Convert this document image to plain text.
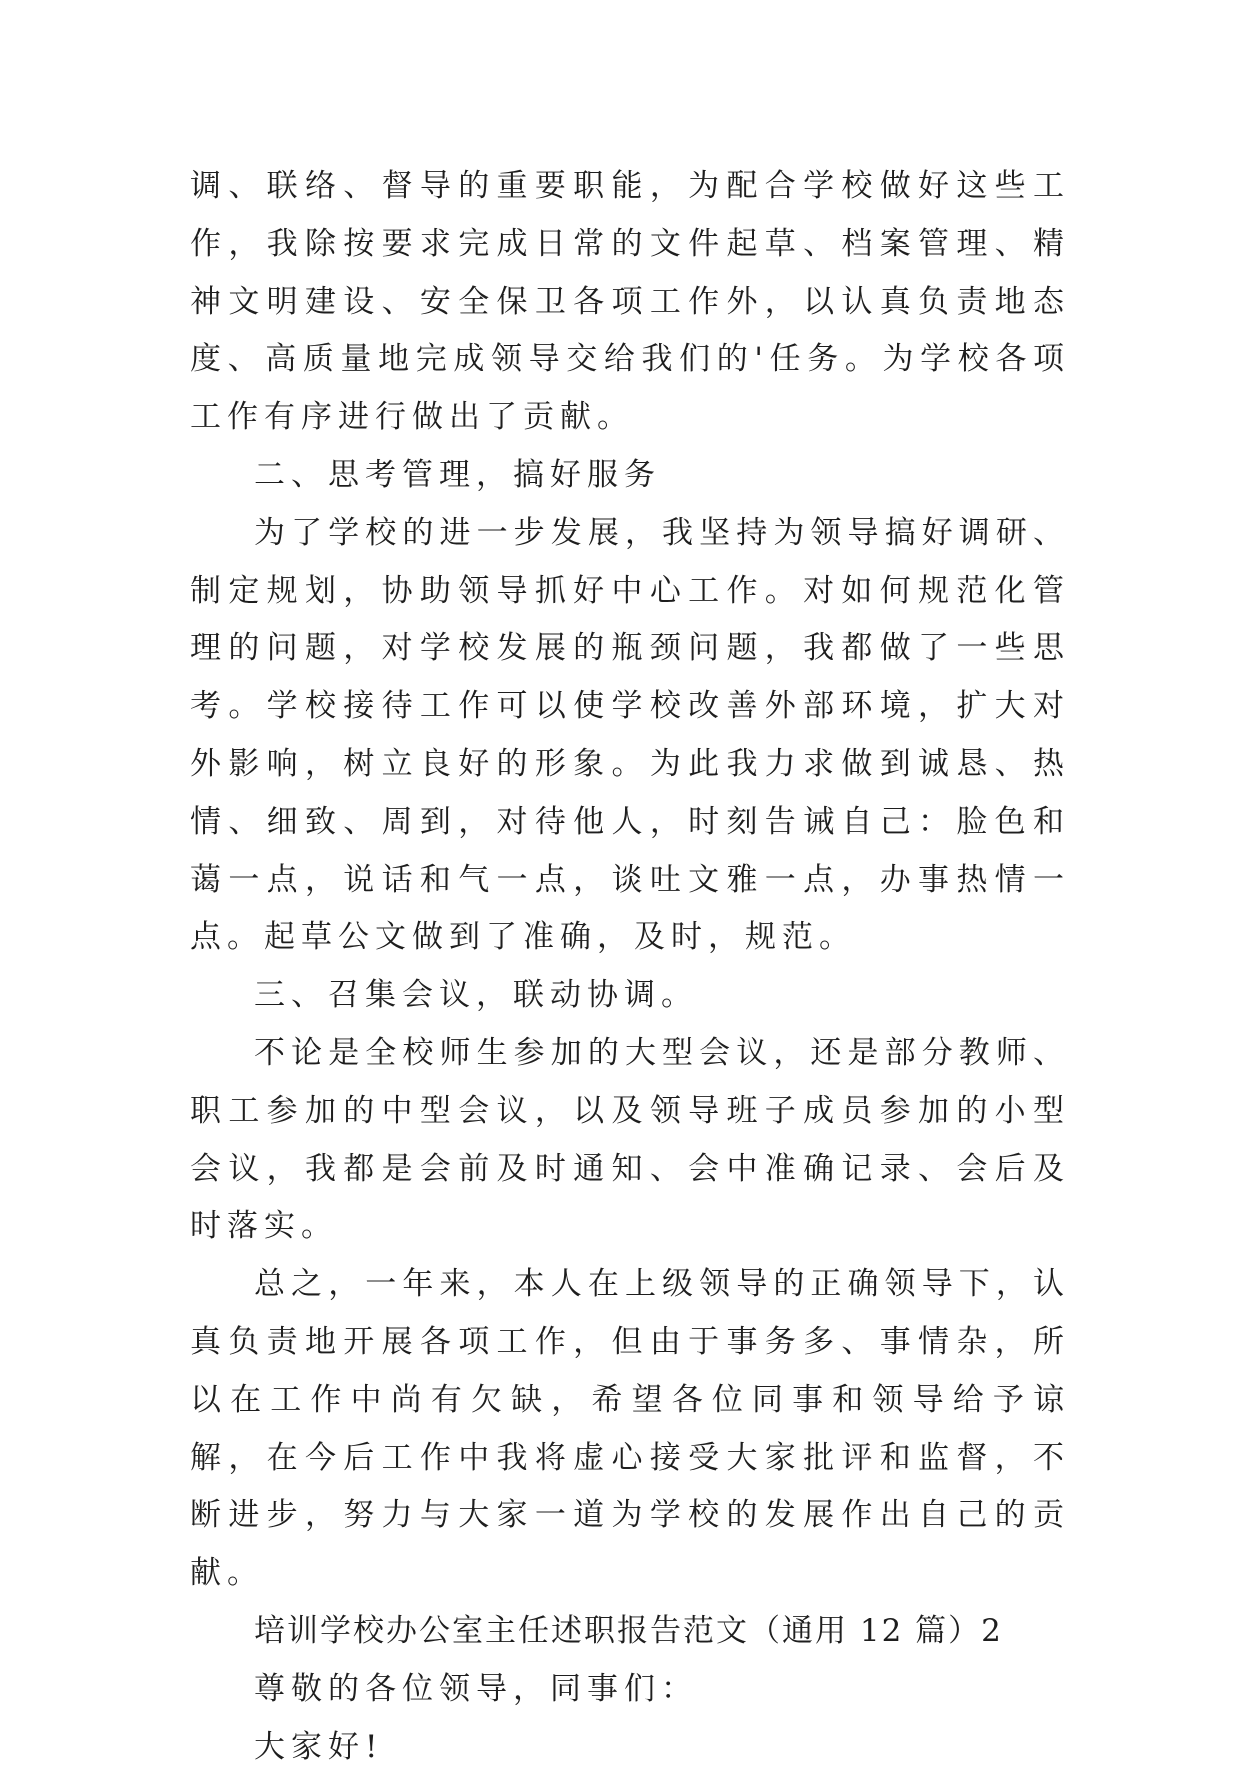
调、联络、督导的重要职能，为配合学校做好这些工作，我除按要求完成日常的文件起草、档案管理、精神文明建设、安全保卫各项工作外，以认真负责地态度、高质量地完成领导交给我们的'任务。为学校各项工作有序进行做出了贡献。

二、思考管理，搞好服务

为了学校的进一步发展，我坚持为领导搞好调研、制定规划，协助领导抓好中心工作。对如何规范化管理的问题，对学校发展的瓶颈问题，我都做了一些思考。学校接待工作可以使学校改善外部环境，扩大对外影响，树立良好的形象。为此我力求做到诚恳、热情、细致、周到，对待他人，时刻告诫自己：脸色和蔼一点，说话和气一点，谈吐文雅一点，办事热情一点。起草公文做到了准确，及时，规范。

三、召集会议，联动协调。

不论是全校师生参加的大型会议，还是部分教师、职工参加的中型会议，以及领导班子成员参加的小型会议，我都是会前及时通知、会中准确记录、会后及时落实。

总之，一年来，本人在上级领导的正确领导下，认真负责地开展各项工作，但由于事务多、事情杂，所以在工作中尚有欠缺，希望各位同事和领导给予谅解，在今后工作中我将虚心接受大家批评和监督，不断进步，努力与大家一道为学校的发展作出自己的贡献。

培训学校办公室主任述职报告范文（通用 12 篇）2

尊敬的各位领导，同事们：

大家好!
